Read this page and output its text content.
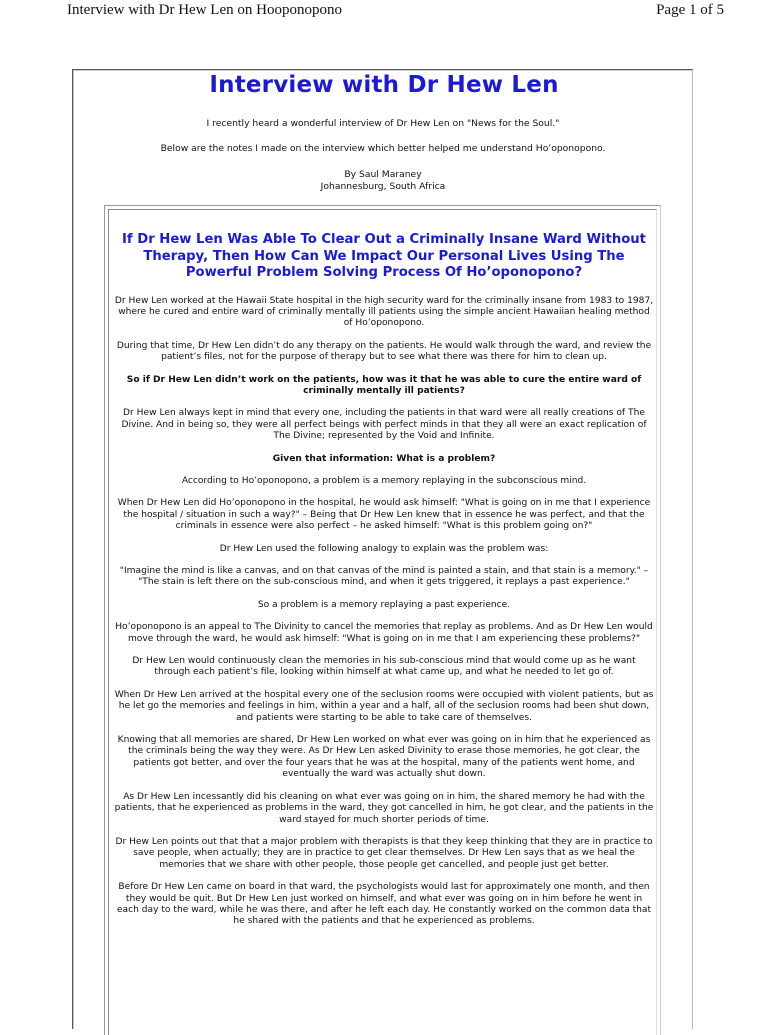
Interview with Dr Hew Len on Hooponopono	Page 1 of 5
Interview with Dr Hew Len

I recently heard a wonderful interview of Dr Hew Len on "News for the Soul."

Below are the notes I made on the interview which better helped me understand Ho’oponopono.

By Saul Maraney

Johannesburg, South Africa

If Dr Hew Len Was Able To Clear Out a Criminally Insane Ward Without Therapy, Then How Can We Impact Our Personal Lives Using The Powerful Problem Solving Process Of Ho’oponopono?

Dr Hew Len worked at the Hawaii State hospital in the high security ward for the criminally insane from 1983 to 1987, where he cured and entire ward of criminally mentally ill patients using the simple ancient Hawaiian healing method of Ho’oponopono.

During that time, Dr Hew Len didn’t do any therapy on the patients. He would walk through the ward, and review the patient’s files, not for the purpose of therapy but to see what there was there for him to clean up.

So if Dr Hew Len didn’t work on the patients, how was it that he was able to cure the entire ward of criminally mentally ill patients?

Dr Hew Len always kept in mind that every one, including the patients in that ward were all really creations of The Divine. And in being so, they were all perfect beings with perfect minds in that they all were an exact replication of The Divine; represented by the Void and Infinite.

Given that information: What is a problem?

According to Ho’oponopono, a problem is a memory replaying in the subconscious mind.

When Dr Hew Len did Ho’oponopono in the hospital, he would ask himself: "What is going on in me that I experience the hospital / situation in such a way?" – Being that Dr Hew Len knew that in essence he was perfect, and that the criminals in essence were also perfect – he asked himself: "What is this problem going on?"

Dr Hew Len used the following analogy to explain was the problem was:

"Imagine the mind is like a canvas, and on that canvas of the mind is painted a stain, and that stain is a memory." – "The stain is left there on the sub-conscious mind, and when it gets triggered, it replays a past experience."

So a problem is a memory replaying a past experience.

Ho’oponopono is an appeal to The Divinity to cancel the memories that replay as problems. And as Dr Hew Len would move through the ward, he would ask himself: "What is going on in me that I am experiencing these problems?"

Dr Hew Len would continuously clean the memories in his sub-conscious mind that would come up as he want through each patient’s file, looking within himself at what came up, and what he needed to let go of.

When Dr Hew Len arrived at the hospital every one of the seclusion rooms were occupied with violent patients, but as he let go the memories and feelings in him, within a year and a half, all of the seclusion rooms had been shut down, and patients were starting to be able to take care of themselves.

Knowing that all memories are shared, Dr Hew Len worked on what ever was going on in him that he experienced as the criminals being the way they were. As Dr Hew Len asked Divinity to erase those memories, he got clear, the patients got better, and over the four years that he was at the hospital, many of the patients went home, and eventually the ward was actually shut down.

As Dr Hew Len incessantly did his cleaning on what ever was going on in him, the shared memory he had with the patients, that he experienced as problems in the ward, they got cancelled in him, he got clear, and the patients in the ward stayed for much shorter periods of time.

Dr Hew Len points out that that a major problem with therapists is that they keep thinking that they are in practice to save people, when actually; they are in practice to get clear themselves. Dr Hew Len says that as we heal the memories that we share with other people, those people get cancelled, and people just get better.

Before Dr Hew Len came on board in that ward, the psychologists would last for approximately one month, and then they would be quit. But Dr Hew Len just worked on himself, and what ever was going on in him before he went in each day to the ward, while he was there, and after he left each day. He constantly worked on the common data that he shared with the patients and that he experienced as problems.
